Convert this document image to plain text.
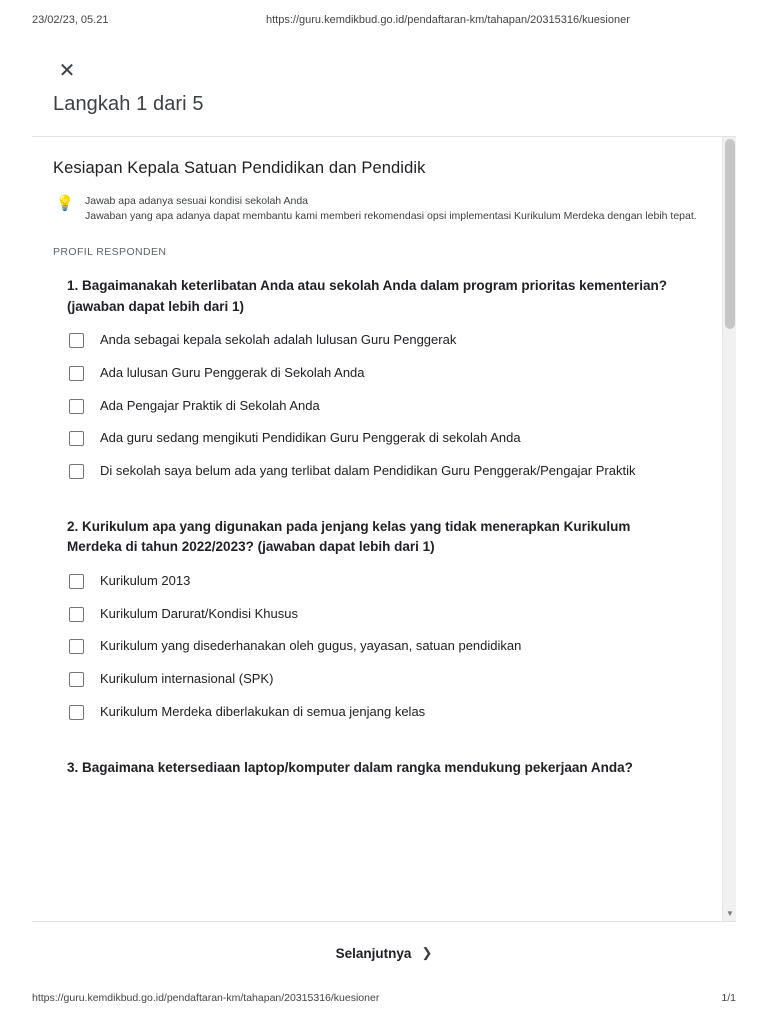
23/02/23, 05.21	https://guru.kemdikbud.go.id/pendaftaran-km/tahapan/20315316/kuesioner
✕
Langkah 1 dari 5
Kesiapan Kepala Satuan Pendidikan dan Pendidik
💡 Jawab apa adanya sesuai kondisi sekolah Anda
Jawaban yang apa adanya dapat membantu kami memberi rekomendasi opsi implementasi Kurikulum Merdeka dengan lebih tepat.
PROFIL RESPONDEN
1. Bagaimanakah keterlibatan Anda atau sekolah Anda dalam program prioritas kementerian? (jawaban dapat lebih dari 1)
Anda sebagai kepala sekolah adalah lulusan Guru Penggerak
Ada lulusan Guru Penggerak di Sekolah Anda
Ada Pengajar Praktik di Sekolah Anda
Ada guru sedang mengikuti Pendidikan Guru Penggerak di sekolah Anda
Di sekolah saya belum ada yang terlibat dalam Pendidikan Guru Penggerak/Pengajar Praktik
2. Kurikulum apa yang digunakan pada jenjang kelas yang tidak menerapkan Kurikulum Merdeka di tahun 2022/2023? (jawaban dapat lebih dari 1)
Kurikulum 2013
Kurikulum Darurat/Kondisi Khusus
Kurikulum yang disederhanakan oleh gugus, yayasan, satuan pendidikan
Kurikulum internasional (SPK)
Kurikulum Merdeka diberlakukan di semua jenjang kelas
3. Bagaimana ketersediaan laptop/komputer dalam rangka mendukung pekerjaan Anda?
▼
Selanjutnya ❯
https://guru.kemdikbud.go.id/pendaftaran-km/tahapan/20315316/kuesioner	1/1
